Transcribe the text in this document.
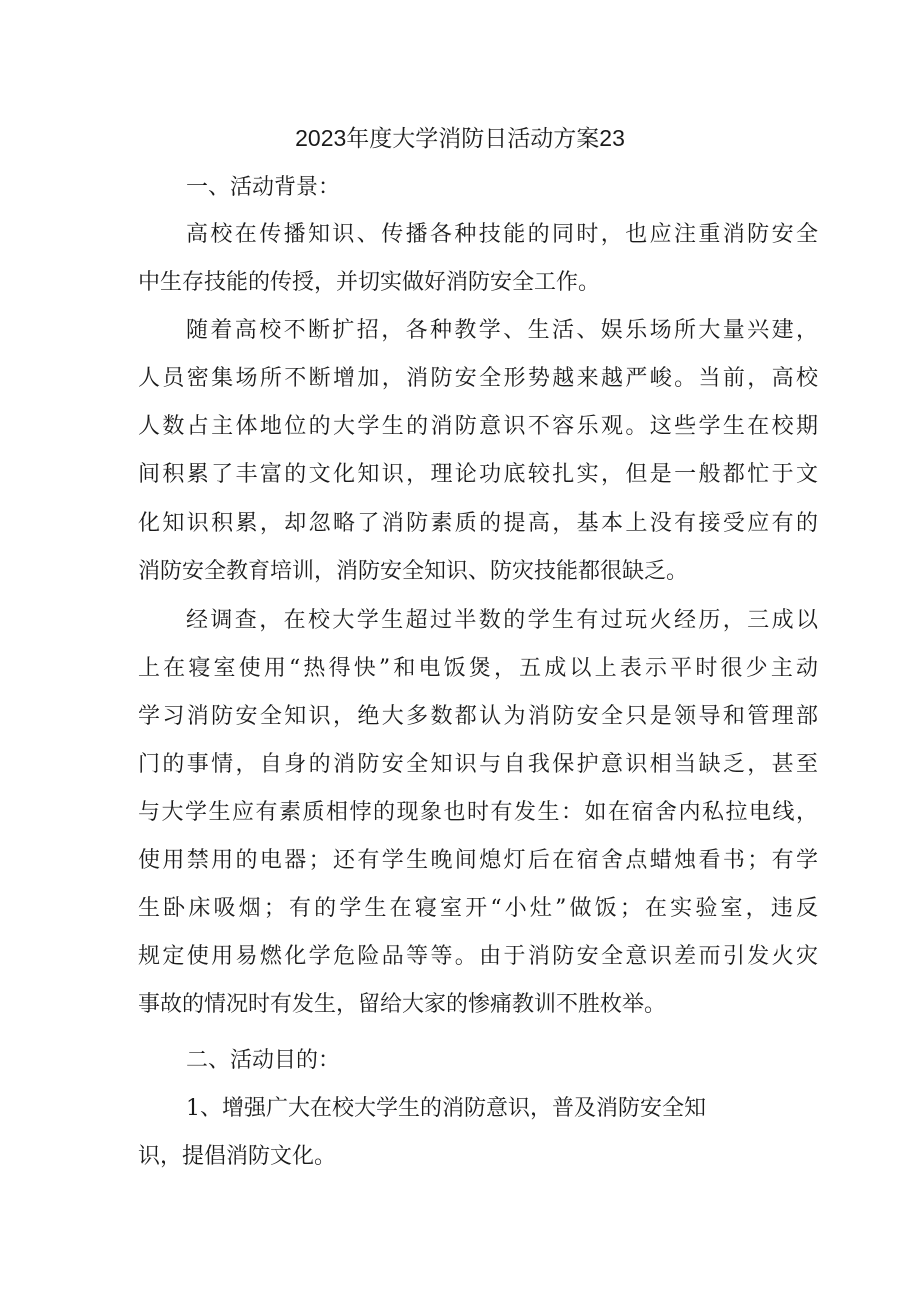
2023年度大学消防日活动方案23

一、活动背景：

高校在传播知识、传播各种技能的同时，也应注重消防安全

中生存技能的传授，并切实做好消防安全工作。

随着高校不断扩招，各种教学、生活、娱乐场所大量兴建，

人员密集场所不断增加，消防安全形势越来越严峻。当前，高校

人数占主体地位的大学生的消防意识不容乐观。这些学生在校期

间积累了丰富的文化知识，理论功底较扎实，但是一般都忙于文

化知识积累，却忽略了消防素质的提高，基本上没有接受应有的

消防安全教育培训，消防安全知识、防灾技能都很缺乏。

经调查，在校大学生超过半数的学生有过玩火经历，三成以

上在寝室使用“热得快”和电饭煲，五成以上表示平时很少主动

学习消防安全知识，绝大多数都认为消防安全只是领导和管理部

门的事情，自身的消防安全知识与自我保护意识相当缺乏，甚至

与大学生应有素质相悖的现象也时有发生：如在宿舍内私拉电线，

使用禁用的电器；还有学生晚间熄灯后在宿舍点蜡烛看书；有学

生卧床吸烟；有的学生在寝室开“小灶”做饭；在实验室，违反

规定使用易燃化学危险品等等。由于消防安全意识差而引发火灾

事故的情况时有发生，留给大家的惨痛教训不胜枚举。

二、活动目的：

1、增强广大在校大学生的消防意识，普及消防安全知

识，提倡消防文化。
